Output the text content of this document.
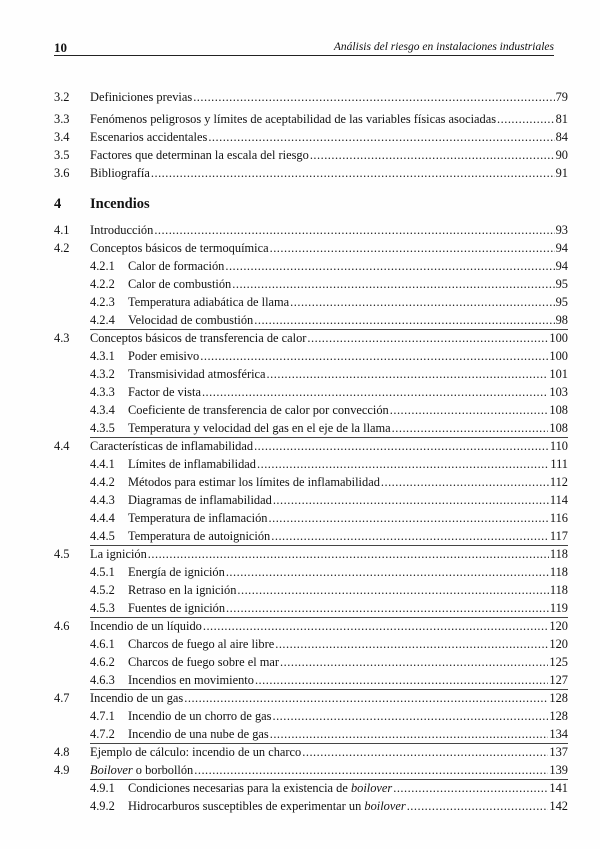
10	Análisis del riesgo en instalaciones industriales
3.2 Definiciones previas .....	79
3.3 Fenómenos peligrosos y límites de aceptabilidad de las variables físicas asociadas .....	81
3.4 Escenarios accidentales .....	84
3.5 Factores que determinan la escala del riesgo .....	90
3.6 Bibliografía .....	91
4 Incendios
4.1 Introducción .....	93
4.2 Conceptos básicos de termoquímica .....	94
4.2.1 Calor de formación .....	94
4.2.2 Calor de combustión .....	95
4.2.3 Temperatura adiabática de llama .....	95
4.2.4 Velocidad de combustión .....	98
4.3 Conceptos básicos de transferencia de calor .....	100
4.3.1 Poder emisivo .....	100
4.3.2 Transmisividad atmosférica .....	101
4.3.3 Factor de vista .....	103
4.3.4 Coeficiente de transferencia de calor por convección .....	108
4.3.5 Temperatura y velocidad del gas en el eje de la llama .....	108
4.4 Características de inflamabilidad .....	110
4.4.1 Límites de inflamabilidad .....	111
4.4.2 Métodos para estimar los límites de inflamabilidad .....	112
4.4.3 Diagramas de inflamabilidad .....	114
4.4.4 Temperatura de inflamación .....	116
4.4.5 Temperatura de autoignición .....	117
4.5 La ignición .....	118
4.5.1 Energía de ignición .....	118
4.5.2 Retraso en la ignición .....	118
4.5.3 Fuentes de ignición .....	119
4.6 Incendio de un líquido .....	120
4.6.1 Charcos de fuego al aire libre .....	120
4.6.2 Charcos de fuego sobre el mar .....	125
4.6.3 Incendios en movimiento .....	127
4.7 Incendio de un gas .....	128
4.7.1 Incendio de un chorro de gas .....	128
4.7.2 Incendio de una nube de gas .....	134
4.8 Ejemplo de cálculo: incendio de un charco .....	137
4.9 Boilover o borbollón .....	139
4.9.1 Condiciones necesarias para la existencia de boilover .....	141
4.9.2 Hidrocarburos susceptibles de experimentar un boilover .....	142
